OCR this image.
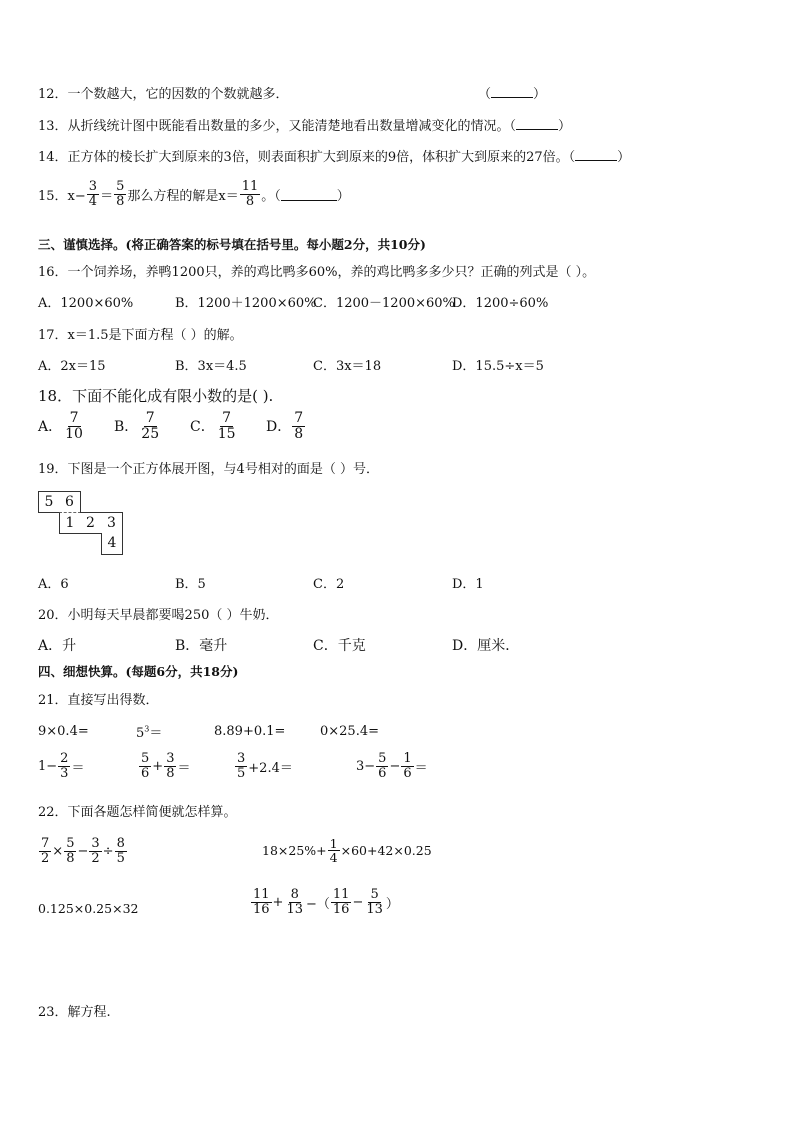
12．一个数越大，它的因数的个数就越多．	（	）
13．从折线统计图中既能看出数量的多少，又能清楚地看出数量增减变化的情况。（	）
14．正方体的棱长扩大到原来的3倍，则表面积扩大到原来的9倍，体积扩大到原来的27倍。（	）
15．$x- \frac{3}{4} = \frac{5}{8}$ 那么方程的解是$x= \frac{11}{8}$ 。（	）
三、谨慎选择。(将正确答案的标号填在括号里。每小题2分，共10分)
16．一个饲养场，养鸭1200只，养的鸡比鸭多60%，养的鸡比鸭多多少只？正确的列式是（ ）。
A．1200×60%	B．1200＋1200×60%
C．1200－1200×60%
D．1200÷60%
17．x＝1.5是下面方程（ ）的解。
A．2x＝15	B．3x＝4.5	C．3x＝18	D．15.5÷x＝5
18．下面不能化成有限小数的是( ).
A． $\frac{7}{10}$ B． $\frac{7}{25}$ C． $\frac{7}{15}$ D． $\frac{7}{8}$
19．下图是一个正方体展开图，与4号相对的面是（ ）号．
5 6
1 2 3
4
A．6	B．5	C．2	D．1
20．小明每天早晨都要喝250（ ）牛奶．
A．升	B．毫升	C．千克	D．厘米．
四、细想快算。(每题6分，共18分)
21．直接写出得数．
9×0.4=	$5^3=$	8.89+0.1=	0×25.4=
$1- \frac{2}{3}$ ＝	$\frac{5}{6} + \frac{3}{8}$ ＝	$\frac{3}{5} +2.4=$	$3- \frac{5}{6} - \frac{1}{6}$ ＝
22．下面各题怎样简便就怎样算。
$\frac{7}{2} \times \frac{5}{8} - \frac{3}{2} \div \frac{8}{5}$	$18\times 25\%+ \frac{1}{4} \times 60+42\times 0.25$
0.125×0.25×32	$\frac{11}{16} + \frac{8}{13}$ −（ $\frac{11}{16} - \frac{5}{13}$ ）
23．解方程.
